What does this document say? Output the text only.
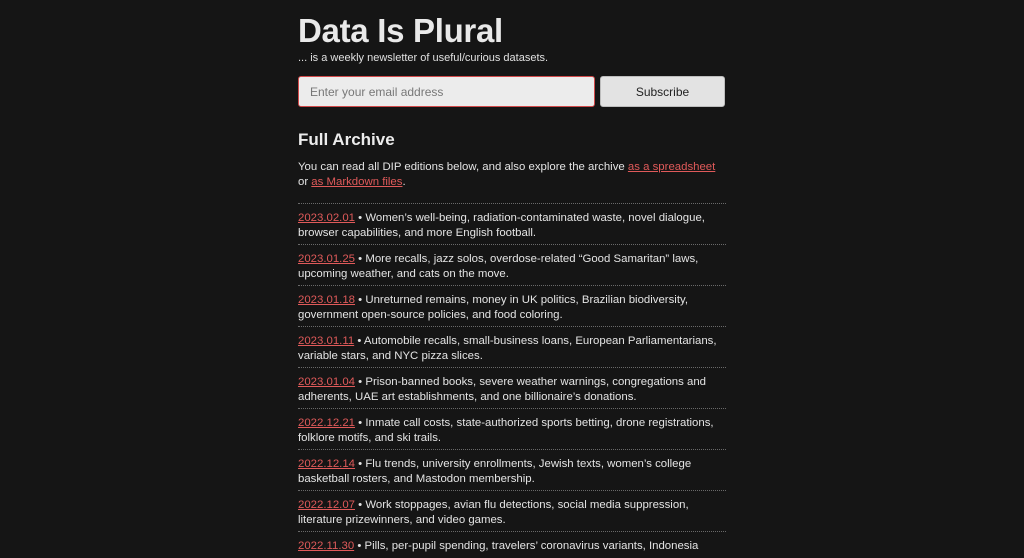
Data Is Plural
... is a weekly newsletter of useful/curious datasets.
Enter your email address
Subscribe
Full Archive
You can read all DIP editions below, and also explore the archive as a spreadsheet
or as Markdown files.
2023.02.01 • Women’s well-being, radiation-contaminated waste, novel dialogue, browser capabilities, and more English football.
2023.01.25 • More recalls, jazz solos, overdose-related “Good Samaritan” laws, upcoming weather, and cats on the move.
2023.01.18 • Unreturned remains, money in UK politics, Brazilian biodiversity, government open-source policies, and food coloring.
2023.01.11 • Automobile recalls, small-business loans, European Parliamentarians, variable stars, and NYC pizza slices.
2023.01.04 • Prison-banned books, severe weather warnings, congregations and adherents, UAE art establishments, and one billionaire’s donations.
2022.12.21 • Inmate call costs, state-authorized sports betting, drone registrations, folklore motifs, and ski trails.
2022.12.14 • Flu trends, university enrollments, Jewish texts, women’s college basketball rosters, and Mastodon membership.
2022.12.07 • Work stoppages, avian flu detections, social media suppression, literature prizewinners, and video games.
2022.11.30 • Pills, per-pupil spending, travelers’ coronavirus variants, Indonesia
